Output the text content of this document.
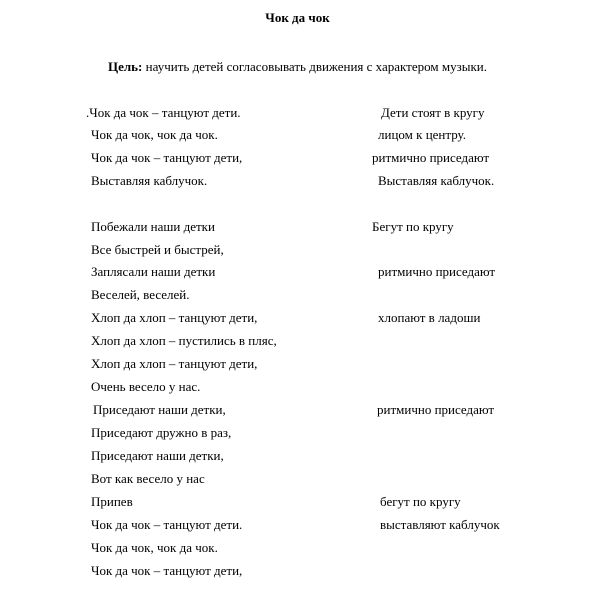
Чок да чок
Цель: научить детей согласовывать движения с характером музыки.
.Чок да чок – танцуют дети.	Дети стоят в кругу
Чок да чок, чок да чок.	лицом к центру.
Чок да чок – танцуют дети,	ритмично приседают
Выставляя каблучок.	Выставляя каблучок.
Побежали наши детки	Бегут по кругу
Все быстрей и быстрей,
Заплясали наши детки	ритмично приседают
Веселей, веселей.
Хлоп да хлоп – танцуют дети,	хлопают в ладоши
Хлоп да хлоп – пустились в пляс,
Хлоп да хлоп – танцуют дети,
Очень весело у нас.
Приседают наши детки,	ритмично приседают
Приседают дружно в раз,
Приседают наши детки,
Вот как весело у нас
Припев	бегут по кругу
Чок да чок – танцуют дети.	выставляют каблучок
Чок да чок, чок да чок.
Чок да чок – танцуют дети,
